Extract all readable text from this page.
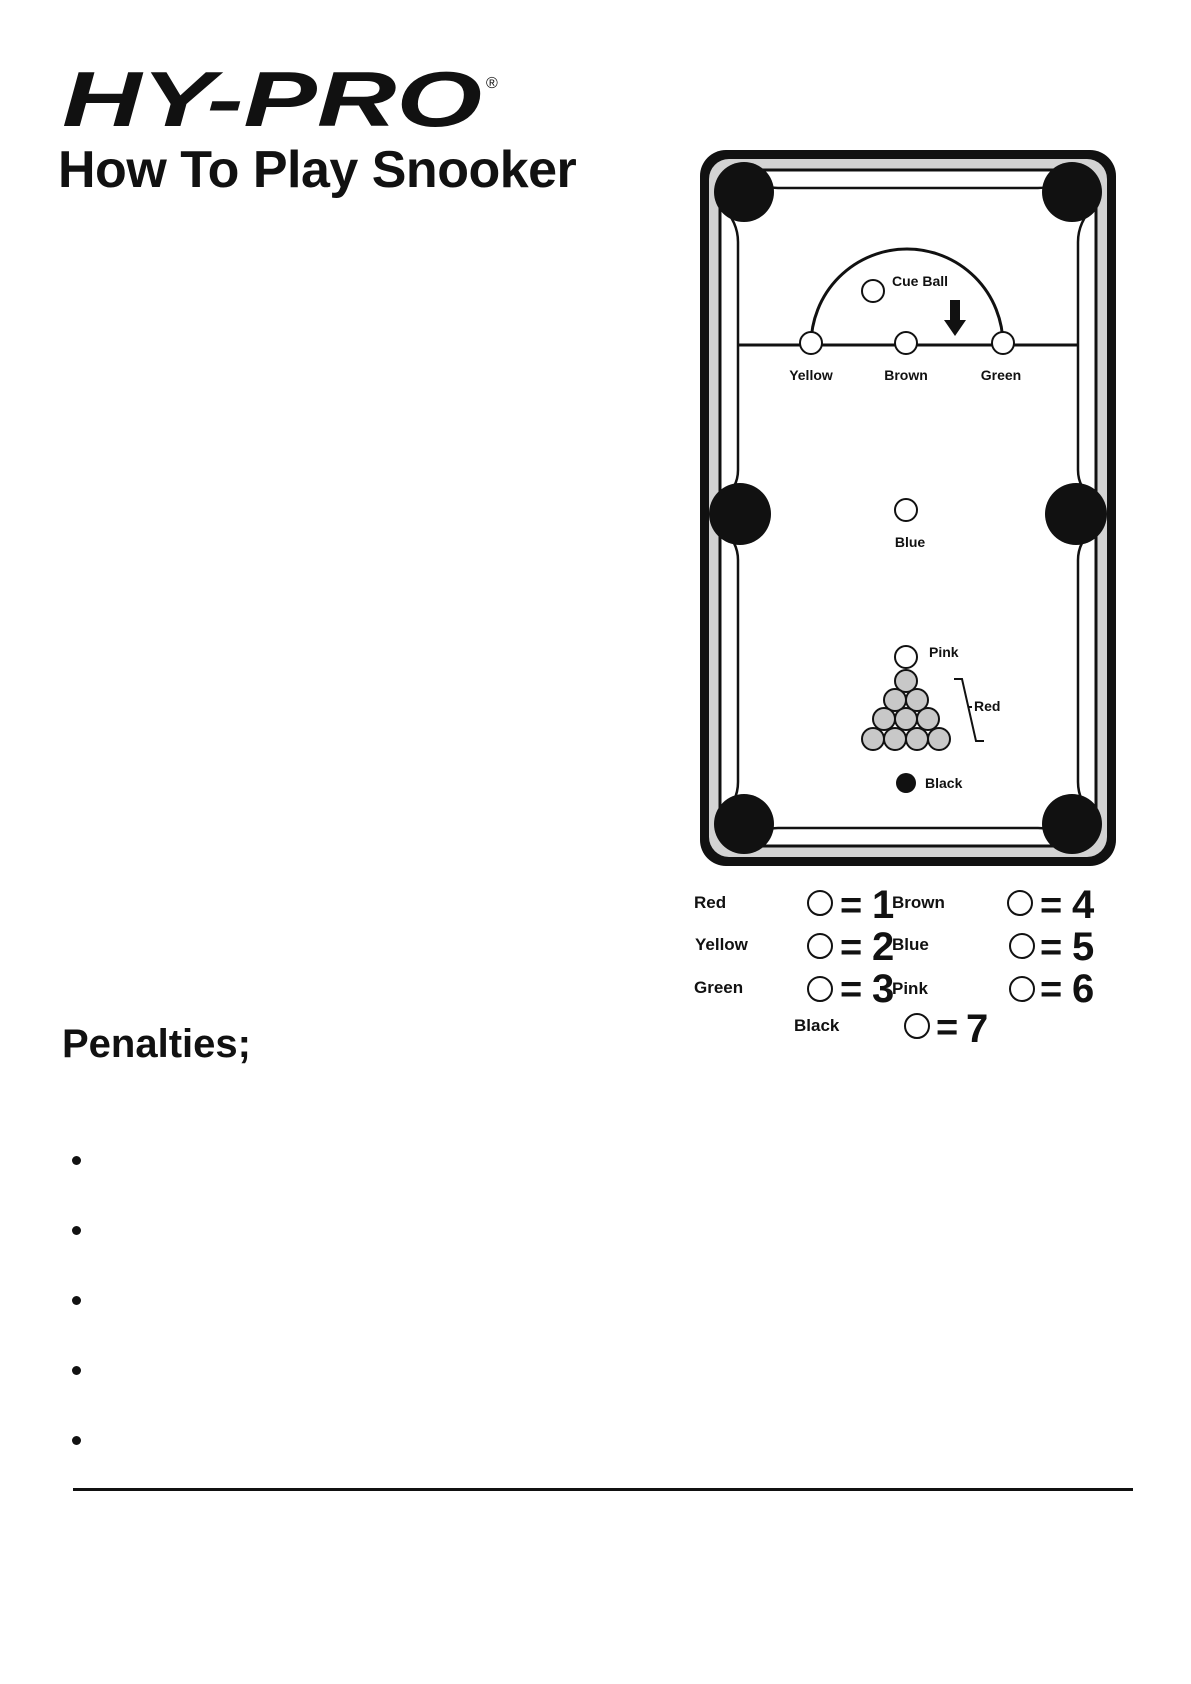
HY-PRO ®
How To Play Snooker
Cue Ball
Yellow	Brown	Green
Blue
Pink
Red
Black
Red	= 1
Yellow = 2
Green	= 3
Brown	= 4
Blue	= 5
Pink	= 6
Black	= 7
Penalties;
